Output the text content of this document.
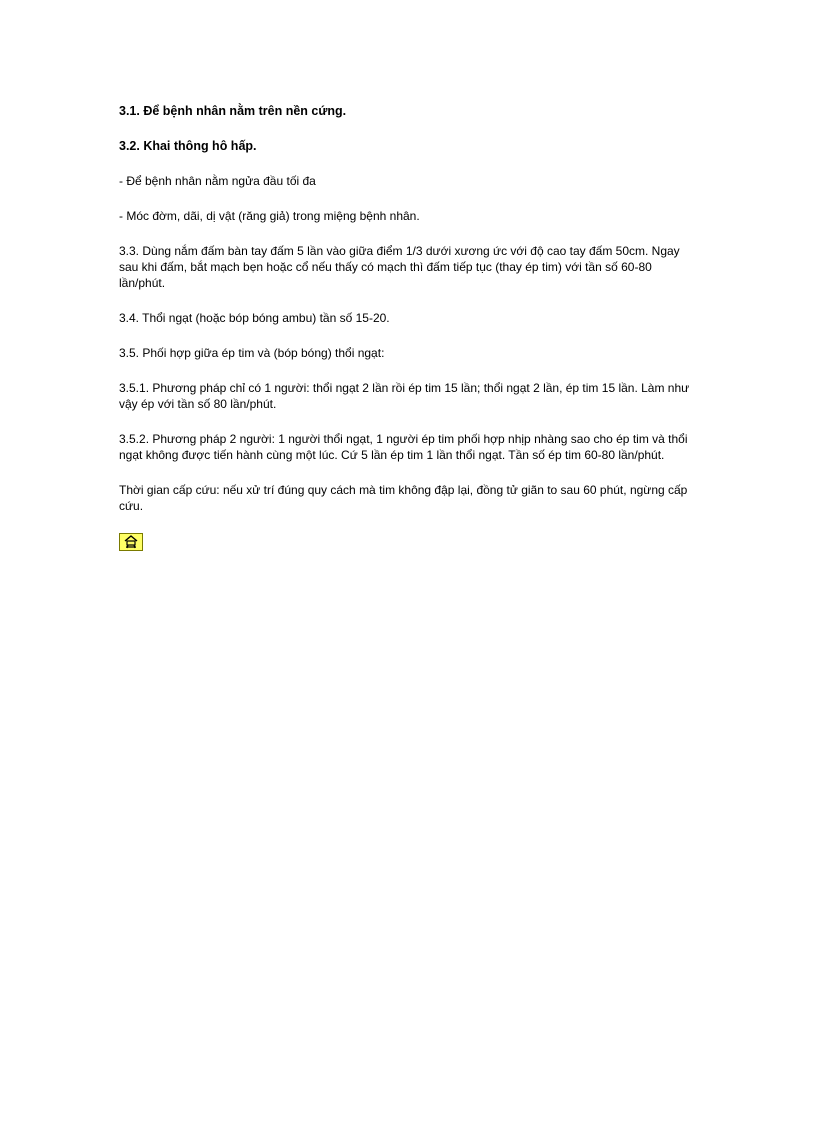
3.1. Để bệnh nhân nằm trên nền cứng.

3.2. Khai thông hô hấp.

- Để bệnh nhân nằm ngửa đầu tối đa

- Móc đờm, dãi, dị vật (răng giả) trong miệng bệnh nhân.

3.3. Dùng nắm đấm bàn tay đấm 5 lần vào giữa điểm 1/3 dưới xương ức với độ cao tay đấm 50cm. Ngay sau khi đấm, bắt mạch bẹn hoặc cổ nếu thấy có mạch thì đấm tiếp tục (thay ép tim) với tần số 60-80 lần/phút.

3.4. Thổi ngạt (hoặc bóp bóng ambu) tần số 15-20.

3.5. Phối hợp giữa ép tim và (bóp bóng) thổi ngạt:

3.5.1. Phương pháp chỉ có 1 người: thổi ngạt 2 lần rồi ép tim 15 lần; thổi ngạt 2 lần, ép tim 15 lần. Làm như vậy ép với tần số 80 lần/phút.

3.5.2. Phương pháp 2 người: 1 người thổi ngạt, 1 người ép tim phối hợp nhịp nhàng sao cho ép tim và thổi ngạt không được tiến hành cùng một lúc. Cứ 5 lần ép tim 1 lần thổi ngạt. Tần số ép tim 60-80 lần/phút.

Thời gian cấp cứu: nếu xử trí đúng quy cách mà tim không đập lại, đồng tử giãn to sau 60 phút, ngừng cấp cứu.
